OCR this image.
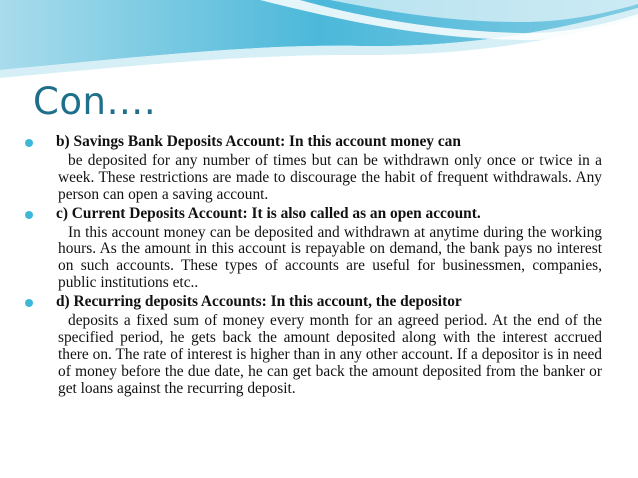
Con….
b) Savings Bank Deposits Account: In this account money can
be deposited for any number of times but can be withdrawn only once or twice in a week. These restrictions are made to discourage the habit of frequent withdrawals. Any person can open a saving account.
c) Current Deposits Account: It is also called as an open account.
In this account money can be deposited and withdrawn at anytime during the working hours. As the amount in this account is repayable on demand, the bank pays no interest on such accounts. These types of accounts are useful for businessmen, companies, public institutions etc..
d) Recurring deposits Accounts: In this account, the depositor
deposits a fixed sum of money every month for an agreed period. At the end of the specified period, he gets back the amount deposited along with the interest accrued there on. The rate of interest is higher than in any other account. If a depositor is in need of money before the due date, he can get back the amount deposited from the banker or get loans against the recurring deposit.
